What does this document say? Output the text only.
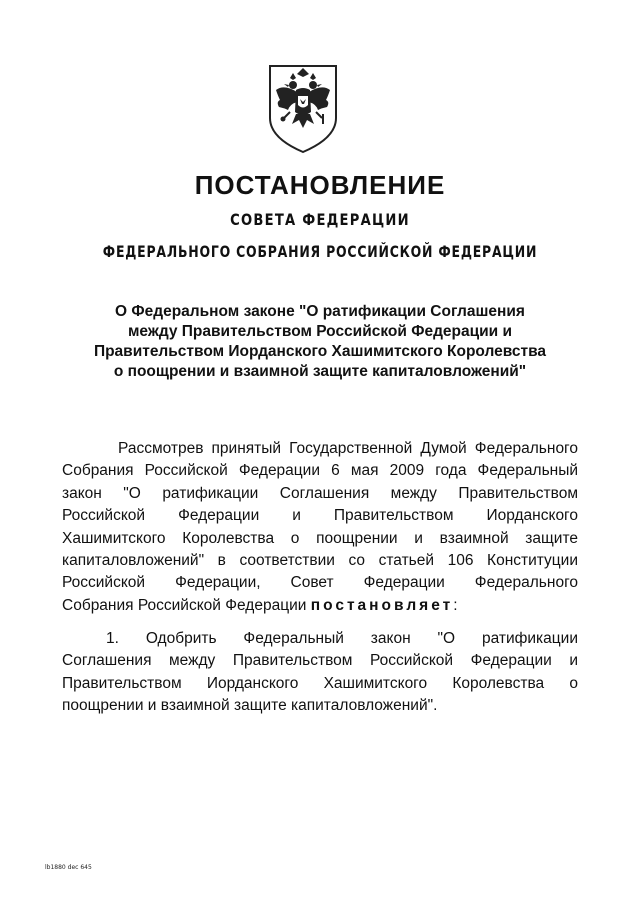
ПОСТАНОВЛЕНИЕ
СОВЕТА ФЕДЕРАЦИИ
ФЕДЕРАЛЬНОГО СОБРАНИЯ РОССИЙСКОЙ ФЕДЕРАЦИИ
О Федеральном законе "О ратификации Соглашения
между Правительством Российской Федерации и
Правительством Иорданского Хашимитского Королевства
о поощрении и взаимной защите капиталовложений"
Рассмотрев принятый Государственной Думой Федерального
Собрания Российской Федерации 6 мая 2009 года Федеральный
закон "О ратификации Соглашения между Правительством
Российской Федерации и Правительством Иорданского
Хашимитского Королевства о поощрении и взаимной защите
капиталовложений" в соответствии со статьей 106 Конституции
Российской Федерации, Совет Федерации Федерального
Собрания Российской Федерации постановляет:
1. Одобрить Федеральный закон "О ратификации
Соглашения между Правительством Российской Федерации и
Правительством Иорданского Хашимитского Королевства о
поощрении и взаимной защите капиталовложений".
lb1880 dec 645
